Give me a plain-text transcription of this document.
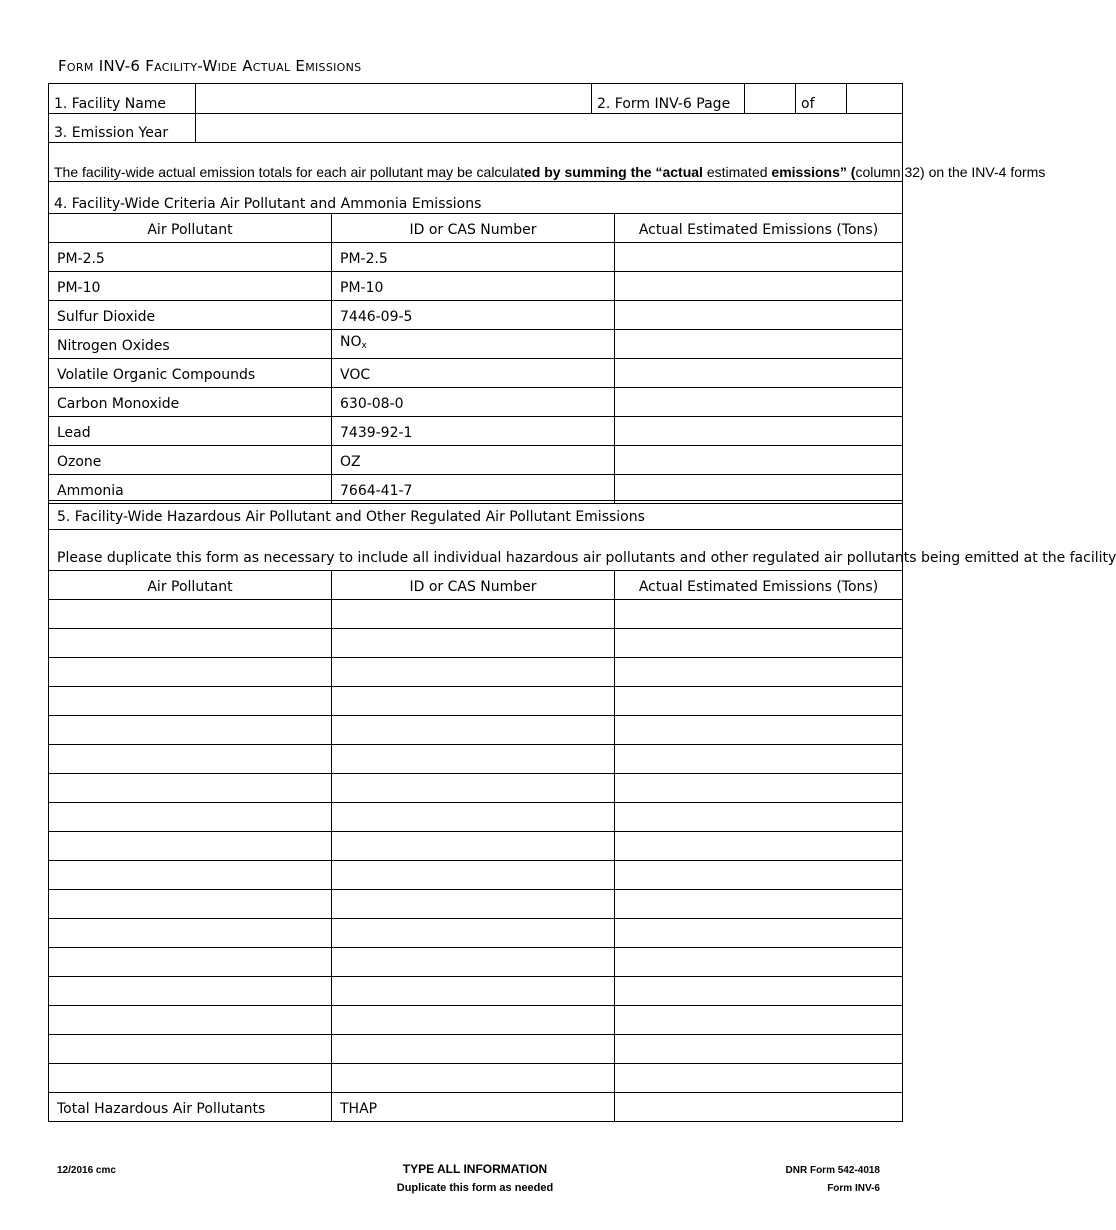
Form INV-6 Facility-Wide Actual Emissions
1. Facility Name		2. Form INV-6 Page		of	
3. Emission Year					
The facility-wide actual emission totals for each air pollutant may be calculated by summing the “actual estimated emissions” (column 32) on the INV-4 forms					
4. Facility-Wide Criteria Air Pollutant and Ammonia Emissions					
Air Pollutant	ID or CAS Number	Actual Estimated Emissions (Tons)
PM-2.5	PM-2.5	
PM-10	PM-10	
Sulfur Dioxide	7446-09-5	
Nitrogen Oxides	$NO_x$	
Volatile Organic Compounds	VOC	
Carbon Monoxide	630-08-0	
Lead	7439-92-1	
Ozone	OZ	
Ammonia	7664-41-7	
5. Facility-Wide Hazardous Air Pollutant and Other Regulated Air Pollutant Emissions		
Please duplicate this form as necessary to include all individual hazardous air pollutants and other regulated air pollutants being emitted at the facility		
Air Pollutant	ID or CAS Number	Actual Estimated Emissions (Tons)

Total Hazardous Air Pollutants	THAP	
12/2016 cmc	TYPE ALL INFORMATION
Duplicate this form as needed
DNR Form 542-4018
Form INV-6
